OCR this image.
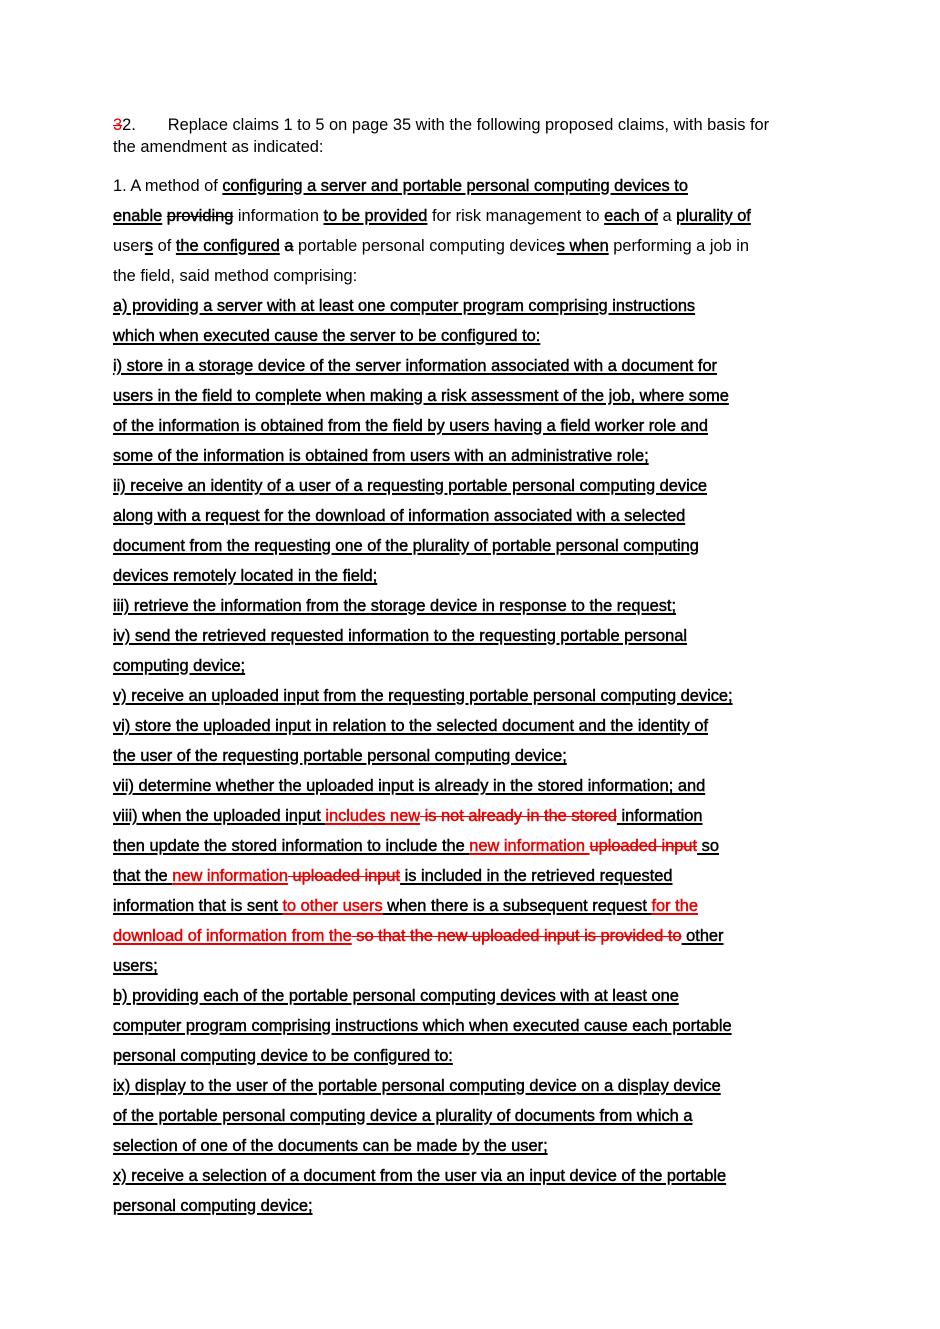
32. Replace claims 1 to 5 on page 35 with the following proposed claims, with basis for
the amendment as indicated:
1. A method of configuring a server and portable personal computing devices to
enable providing information to be provided for risk management to each of a plurality of
users of the configured a portable personal computing devices when performing a job in
the field, said method comprising:
a) providing a server with at least one computer program comprising instructions
which when executed cause the server to be configured to:
i) store in a storage device of the server information associated with a document for
users in the field to complete when making a risk assessment of the job, where some
of the information is obtained from the field by users having a field worker role and
some of the information is obtained from users with an administrative role;
ii) receive an identity of a user of a requesting portable personal computing device
along with a request for the download of information associated with a selected
document from the requesting one of the plurality of portable personal computing
devices remotely located in the field;
iii) retrieve the information from the storage device in response to the request;
iv) send the retrieved requested information to the requesting portable personal
computing device;
v) receive an uploaded input from the requesting portable personal computing device;
vi) store the uploaded input in relation to the selected document and the identity of
the user of the requesting portable personal computing device;
vii) determine whether the uploaded input is already in the stored information; and
viii) when the uploaded input includes new is not already in the stored information
then update the stored information to include the new information uploaded input so
that the new information uploaded input is included in the retrieved requested
information that is sent to other users when there is a subsequent request for the
download of information from the so that the new uploaded input is provided to other
users;
b) providing each of the portable personal computing devices with at least one
computer program comprising instructions which when executed cause each portable
personal computing device to be configured to:
ix) display to the user of the portable personal computing device on a display device
of the portable personal computing device a plurality of documents from which a
selection of one of the documents can be made by the user;
x) receive a selection of a document from the user via an input device of the portable
personal computing device;
